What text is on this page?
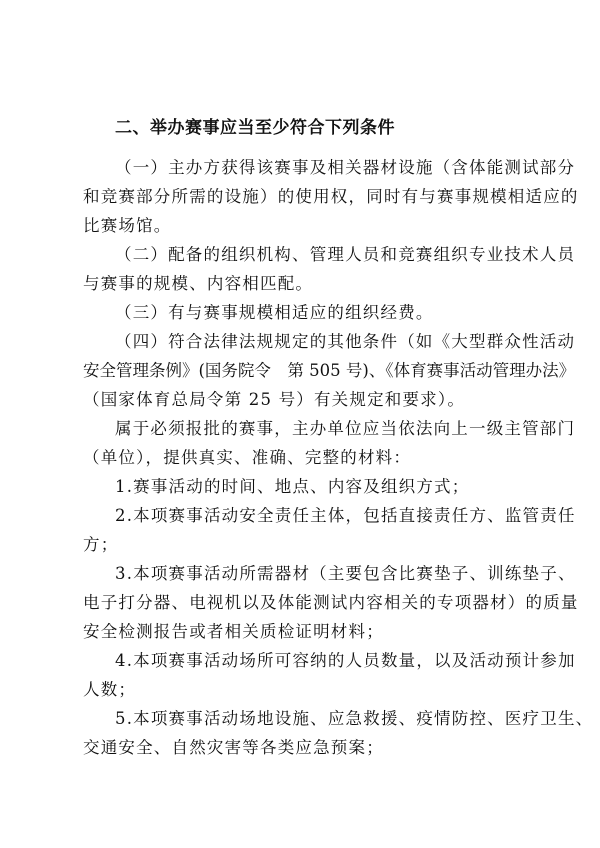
二、举办赛事应当至少符合下列条件
（一）主办方获得该赛事及相关器材设施（含体能测试部分
和竞赛部分所需的设施）的使用权，同时有与赛事规模相适应的
比赛场馆。
（二）配备的组织机构、管理人员和竞赛组织专业技术人员
与赛事的规模、内容相匹配。
（三）有与赛事规模相适应的组织经费。
（四）符合法律法规规定的其他条件（如《大型群众性活动
安全管理条例》(国务院令　第 505 号)、《体育赛事活动管理办法》
（国家体育总局令第 25 号）有关规定和要求）。
属于必须报批的赛事，主办单位应当依法向上一级主管部门
（单位），提供真实、准确、完整的材料：
1.赛事活动的时间、地点、内容及组织方式；
2.本项赛事活动安全责任主体，包括直接责任方、监管责任
方；
3.本项赛事活动所需器材（主要包含比赛垫子、训练垫子、
电子打分器、电视机以及体能测试内容相关的专项器材）的质量
安全检测报告或者相关质检证明材料；
4.本项赛事活动场所可容纳的人员数量，以及活动预计参加
人数；
5.本项赛事活动场地设施、应急救援、疫情防控、医疗卫生、
交通安全、自然灾害等各类应急预案；
